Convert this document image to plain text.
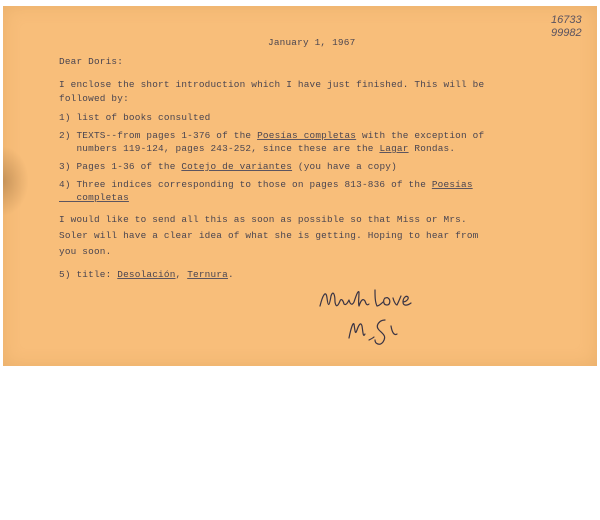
16733
99982
January 1, 1967
Dear Doris:
I enclose the short introduction which I have just finished. This will be
followed by:
1) list of books consulted
2) TEXTS--from pages 1-376 of the Poesías completas with the exception of
numbers 119-124, pages 243-252, since these are the Lagar Rondas.
3) Pages 1-36 of the Cotejo de variantes (you have a copy)
4) Three indices corresponding to those on pages 813-836 of the Poesías
completas
I would like to send all this as soon as possible so that Miss or Mrs.
Soler will have a clear idea of what she is getting. Hoping to hear from
you soon.
5) title: Desolación, Ternura.
